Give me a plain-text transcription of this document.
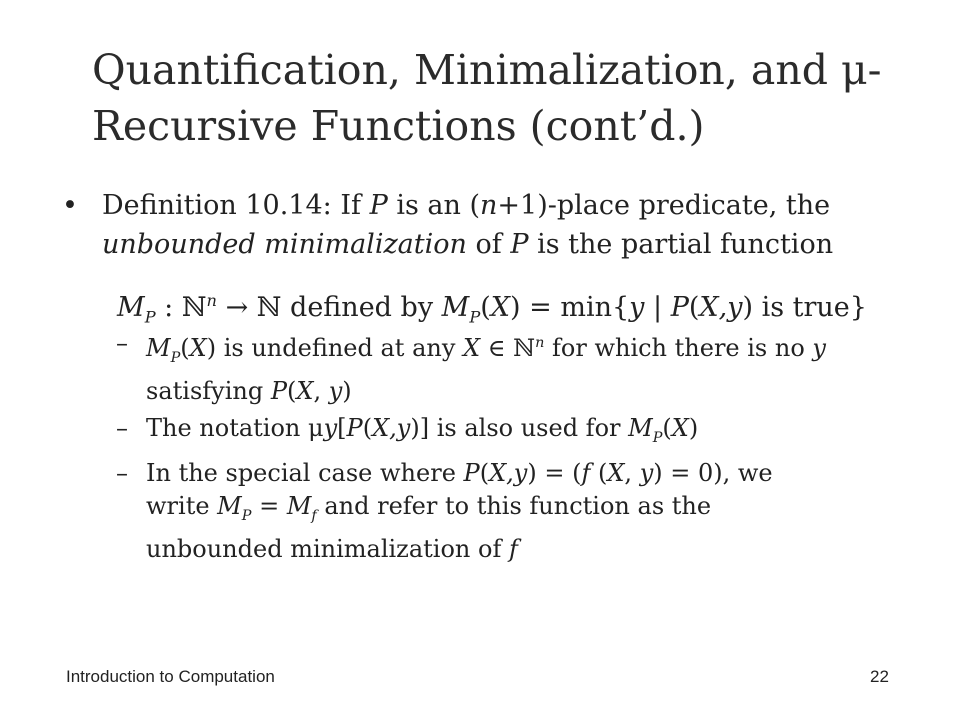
Quantification, Minimalization, and μ-
Recursive Functions (cont’d.)
• Definition 10.14: If P is an (n+1)-place predicate, the
unbounded minimalization of P is the partial function
$M_P$ : ℕ$^n$ → ℕ defined by $M_P(X) = \min\{y$ | P(X,y) is true}
– $M_P(X)$ is undefined at any X ∈ ℕ$^n$ for which there is no y
satisfying P(X, y)
– The notation μy[P(X,y)] is also used for $M_P(X)$
– In the special case where P(X,y) = (f (X, y) = 0), we
write $M_P = M_f$ and refer to this function as the
unbounded minimalization of f
Introduction to Computation	22
